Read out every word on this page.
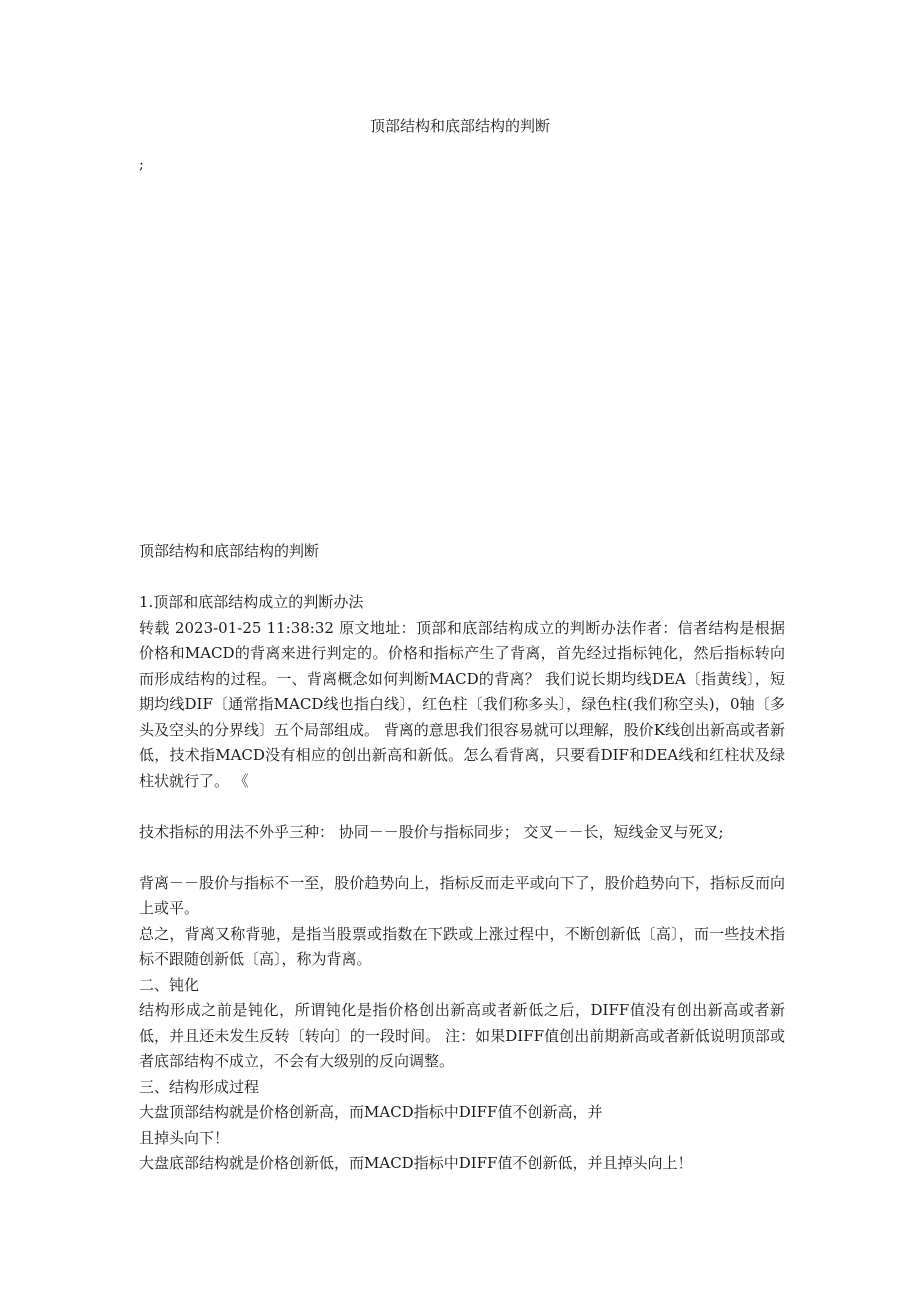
顶部结构和底部结构的判断
;

顶部结构和底部结构的判断

1.顶部和底部结构成立的判断办法

转载 2023-01-25 11:38:32 原文地址：顶部和底部结构成立的判断办法作者：信者结构是根据价格和MACD的背离来进行判定的。价格和指标产生了背离，首先经过指标钝化，然后指标转向而形成结构的过程。一、背离概念如何判断MACD的背离？ 我们说长期均线DEA〔指黄线〕，短期均线DIF〔通常指MACD线也指白线〕，红色柱〔我们称多头〕，绿色柱(我们称空头)，0轴〔多头及空头的分界线〕五个局部组成。 背离的意思我们很容易就可以理解，股价K线创出新高或者新低，技术指MACD没有相应的创出新高和新低。怎么看背离，只要看DIF和DEA线和红柱状及绿柱状就行了。 《

技术指标的用法不外乎三种： 协同－－股价与指标同步； 交叉－－长，短线金叉与死叉;

背离－－股价与指标不一至，股价趋势向上，指标反而走平或向下了，股价趋势向下，指标反而向上或平。

总之，背离又称背驰，是指当股票或指数在下跌或上涨过程中，不断创新低〔高〕，而一些技术指标不跟随创新低〔高〕，称为背离。

二、钝化

结构形成之前是钝化，所谓钝化是指价格创出新高或者新低之后，DIFF值没有创出新高或者新低，并且还未发生反转〔转向〕的一段时间。 注：如果DIFF值创出前期新高或者新低说明顶部或者底部结构不成立，不会有大级别的反向调整。

三、结构形成过程

大盘顶部结构就是价格创新高，而MACD指标中DIFF值不创新高，并

且掉头向下！

大盘底部结构就是价格创新低，而MACD指标中DIFF值不创新低，并且掉头向上！
